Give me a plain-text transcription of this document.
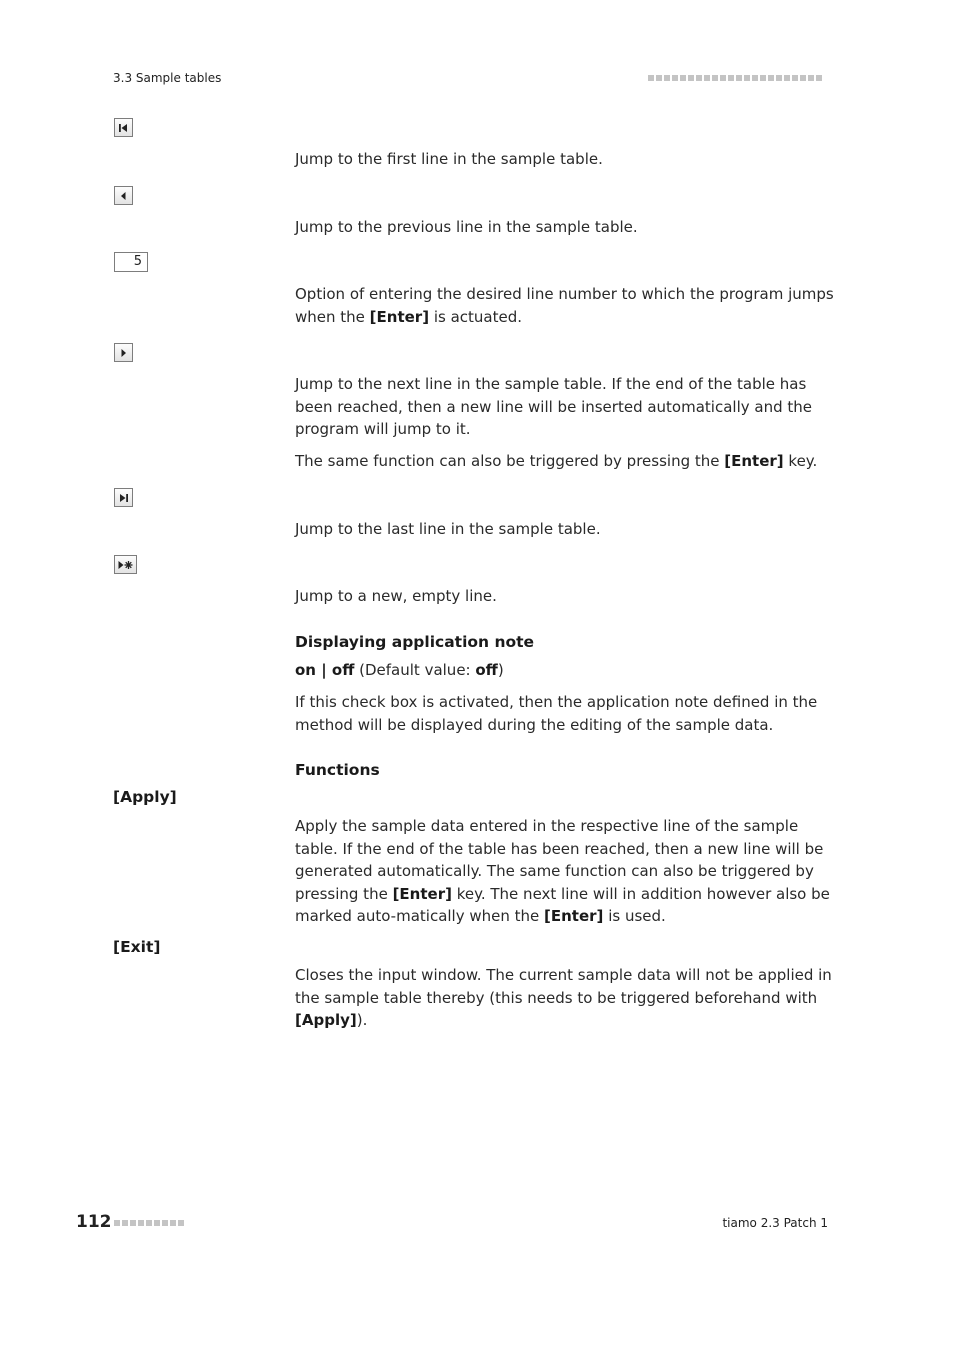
3.3 Sample tables
Jump to the first line in the sample table.
Jump to the previous line in the sample table.
5
Option of entering the desired line number to which the program jumps when the [Enter] is actuated.
Jump to the next line in the sample table. If the end of the table has been reached, then a new line will be inserted automatically and the program will jump to it.
The same function can also be triggered by pressing the [Enter] key.
Jump to the last line in the sample table.
Jump to a new, empty line.
Displaying application note
on | off (Default value: off)
If this check box is activated, then the application note defined in the method will be displayed during the editing of the sample data.
Functions
[Apply]
Apply the sample data entered in the respective line of the sample table. If the end of the table has been reached, then a new line will be generated automatically. The same function can also be triggered by pressing the [Enter] key. The next line will in addition however also be marked auto-matically when the [Enter] is used.
[Exit]
Closes the input window. The current sample data will not be applied in the sample table thereby (this needs to be triggered beforehand with [Apply]).
112	tiamo 2.3 Patch 1
